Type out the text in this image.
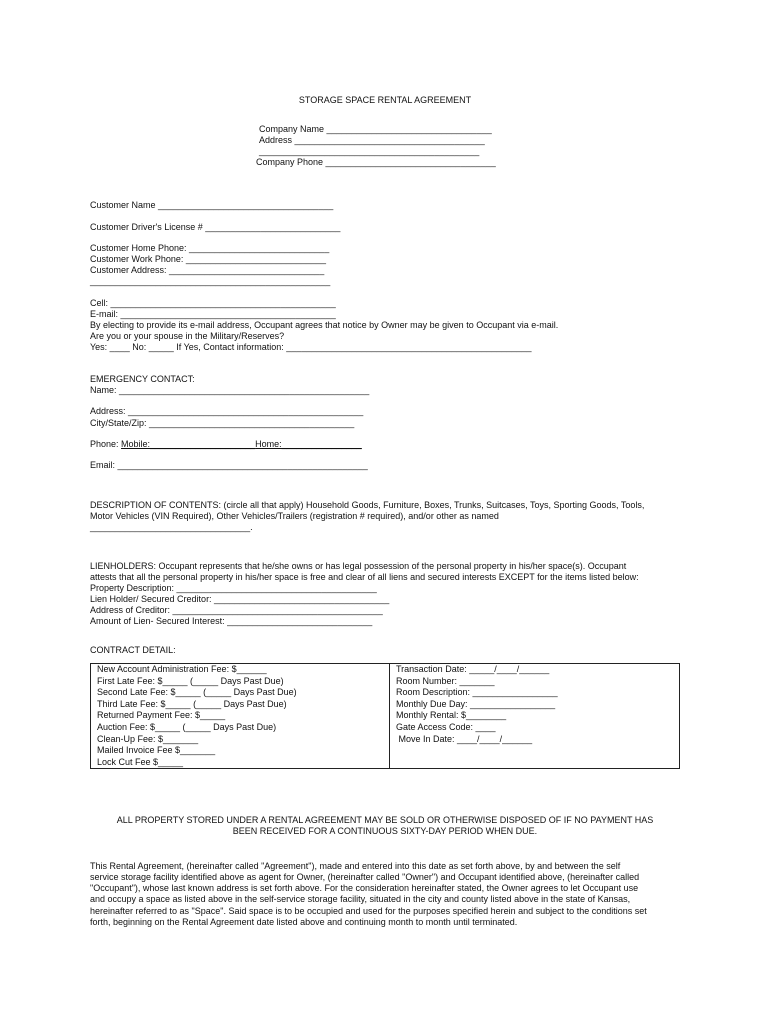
STORAGE SPACE RENTAL AGREEMENT
Company Name _________________________________
Address ______________________________________
____________________________________________
Company Phone __________________________________
Customer Name ___________________________________
Customer Driver's License # ___________________________
Customer Home Phone: ____________________________
Customer Work Phone: ____________________________
Customer Address: _______________________________
________________________________________________
Cell: _____________________________________________
E-mail: ___________________________________________
By electing to provide its e-mail address, Occupant agrees that notice by Owner may be given to Occupant via e-mail.
Are you or your spouse in the Military/Reserves?
Yes: ____ No: _____ If Yes, Contact information: _________________________________________________
EMERGENCY CONTACT:
Name: __________________________________________________
Address: _______________________________________________
City/State/Zip: _________________________________________
Phone: Mobile:_____________________Home:________________
Email: __________________________________________________
DESCRIPTION OF CONTENTS: (circle all that apply) Household Goods, Furniture, Boxes, Trunks, Suitcases, Toys, Sporting Goods, Tools,
Motor Vehicles (VIN Required), Other Vehicles/Trailers (registration # required), and/or other as named
________________________________.
LIENHOLDERS: Occupant represents that he/she owns or has legal possession of the personal property in his/her space(s). Occupant
attests that all the personal property in his/her space is free and clear of all liens and secured interests EXCEPT for the items listed below:
Property Description: ________________________________________
Lien Holder/ Secured Creditor: ___________________________________
Address of Creditor: __________________________________________
Amount of Lien- Secured Interest: _____________________________
CONTRACT DETAIL:
New Account Administration Fee: $______	Transaction Date: _____/____/______
First Late Fee: $_____ (_____ Days Past Due)	Room Number: _______
Second Late Fee: $_____ (_____ Days Past Due)	Room Description: _________________
Third Late Fee: $_____ (_____ Days Past Due)	Monthly Due Day: _________________
Returned Payment Fee: $_____	Monthly Rental: $________
Auction Fee: $_____ (_____ Days Past Due)	Gate Access Code: ____
Clean-Up Fee: $_______	Move In Date: ____/____/______
Mailed Invoice Fee $_______	
Lock Cut Fee $_____	
ALL PROPERTY STORED UNDER A RENTAL AGREEMENT MAY BE SOLD OR OTHERWISE DISPOSED OF IF NO PAYMENT HAS
BEEN RECEIVED FOR A CONTINUOUS SIXTY-DAY PERIOD WHEN DUE.
This Rental Agreement, (hereinafter called "Agreement"), made and entered into this date as set forth above, by and between the self
service storage facility identified above as agent for Owner, (hereinafter called "Owner") and Occupant identified above, (hereinafter called
"Occupant"), whose last known address is set forth above. For the consideration hereinafter stated, the Owner agrees to let Occupant use
and occupy a space as listed above in the self-service storage facility, situated in the city and county listed above in the state of Kansas,
hereinafter referred to as "Space". Said space is to be occupied and used for the purposes specified herein and subject to the conditions set
forth, beginning on the Rental Agreement date listed above and continuing month to month until terminated.
